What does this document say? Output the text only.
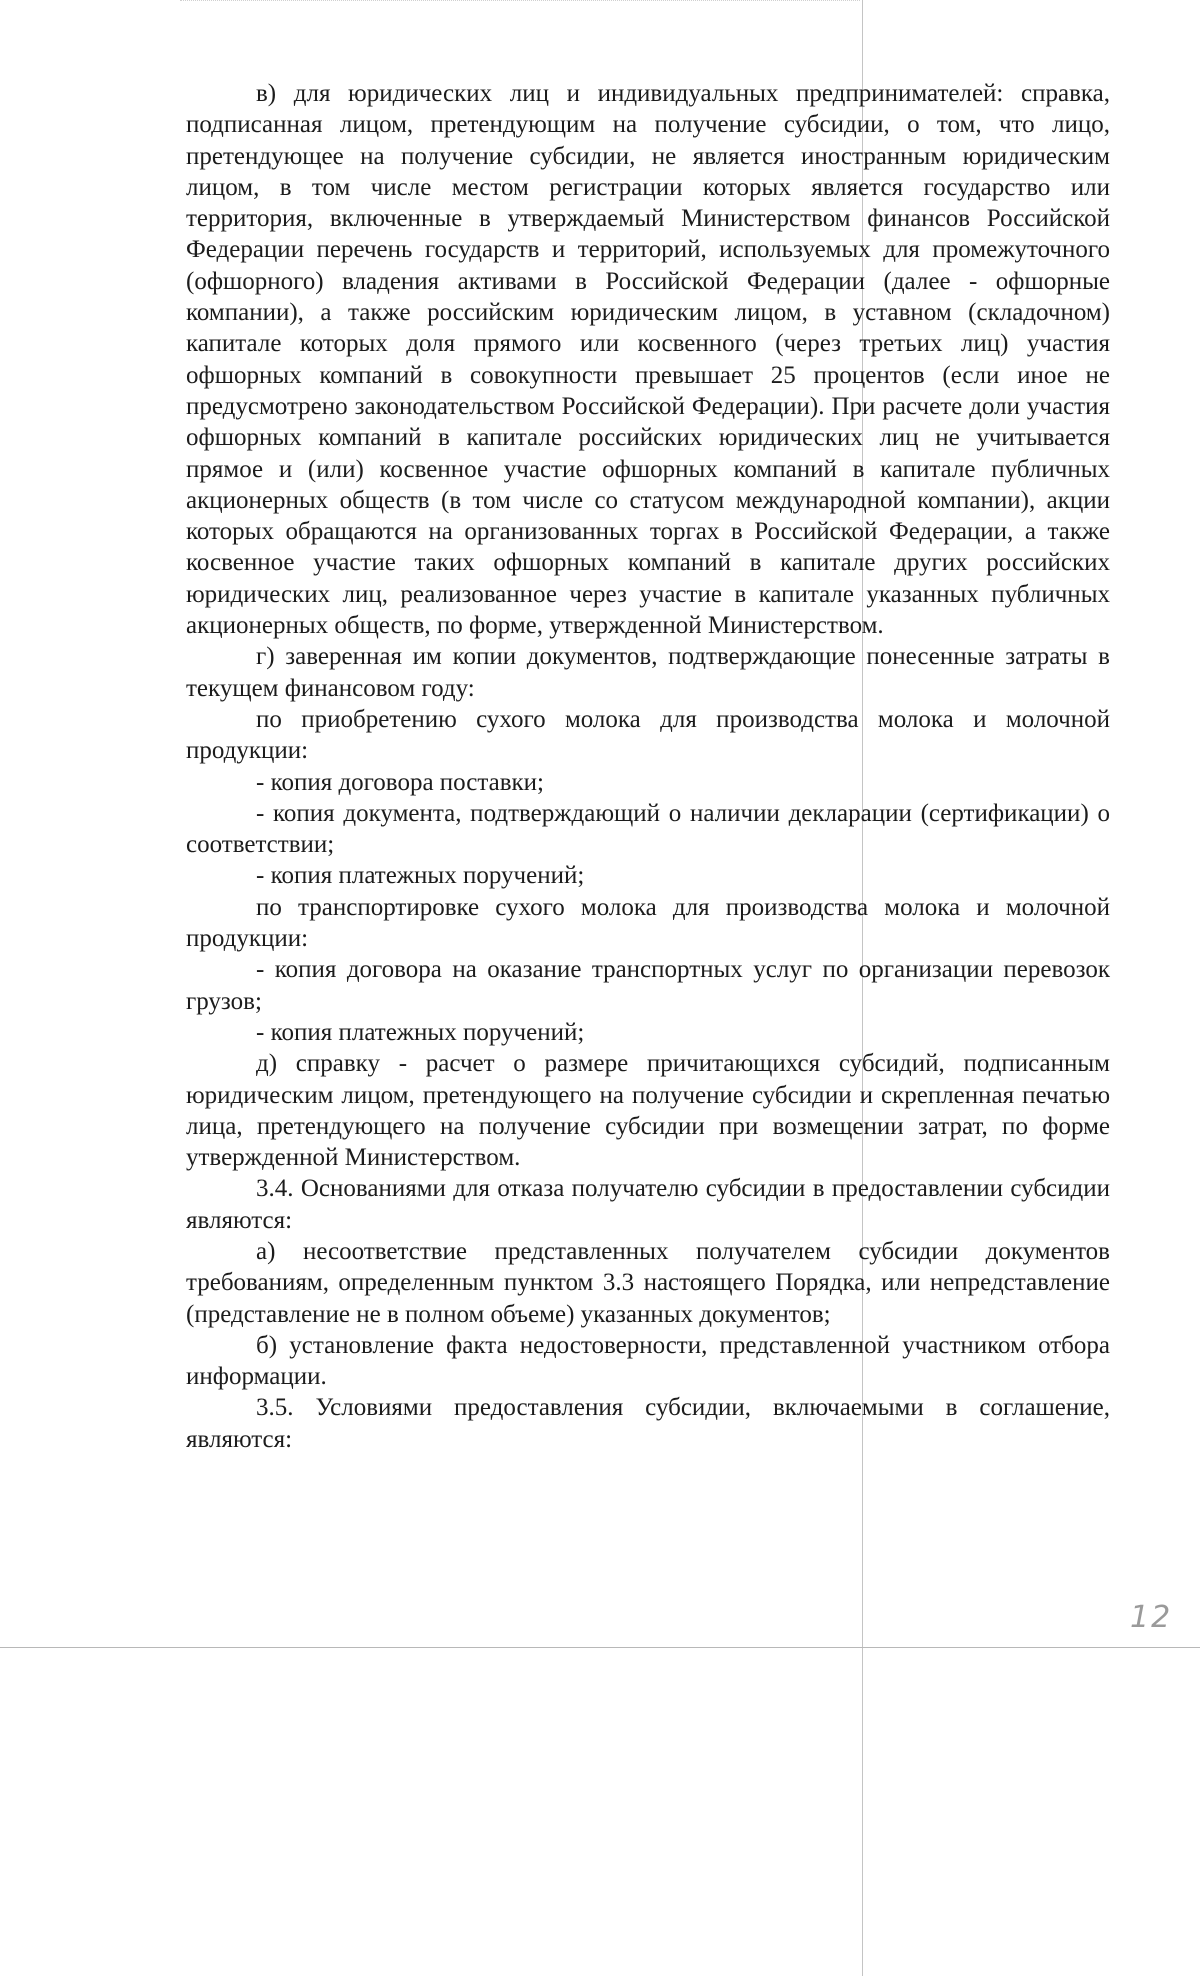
в) для юридических лиц и индивидуальных предпринимателей: справка, подписанная лицом, претендующим на получение субсидии, о том, что лицо, претендующее на получение субсидии, не является иностранным юридическим лицом, в том числе местом регистрации которых является государство или территория, включенные в утверждаемый Министерством финансов Российской Федерации перечень государств и территорий, используемых для промежуточного (офшорного) владения активами в Российской Федерации (далее - офшорные компании), а также российским юридическим лицом, в уставном (складочном) капитале которых доля прямого или косвенного (через третьих лиц) участия офшорных компаний в совокупности превышает 25 процентов (если иное не предусмотрено законодательством Российской Федерации). При расчете доли участия офшорных компаний в капитале российских юридических лиц не учитывается прямое и (или) косвенное участие офшорных компаний в капитале публичных акционерных обществ (в том числе со статусом международной компании), акции которых обращаются на организованных торгах в Российской Федерации, а также косвенное участие таких офшорных компаний в капитале других российских юридических лиц, реализованное через участие в капитале указанных публичных акционерных обществ, по форме, утвержденной Министерством.

г) заверенная им копии документов, подтверждающие понесенные затраты в текущем финансовом году:

по приобретению сухого молока для производства молока и молочной продукции:

- копия договора поставки;

- копия документа, подтверждающий о наличии декларации (сертификации) о соответствии;

- копия платежных поручений;

по транспортировке сухого молока для производства молока и молочной продукции:

- копия договора на оказание транспортных услуг по организации перевозок грузов;

- копия платежных поручений;

д) справку - расчет о размере причитающихся субсидий, подписанным юридическим лицом, претендующего на получение субсидии и скрепленная печатью лица, претендующего на получение субсидии при возмещении затрат, по форме утвержденной Министерством.

3.4. Основаниями для отказа получателю субсидии в предоставлении субсидии являются:

а) несоответствие представленных получателем субсидии документов требованиям, определенным пунктом 3.3 настоящего Порядка, или непредставление (представление не в полном объеме) указанных документов;

б) установление факта недостоверности, представленной участником отбора информации.

3.5. Условиями предоставления субсидии, включаемыми в соглашение, являются:

12
